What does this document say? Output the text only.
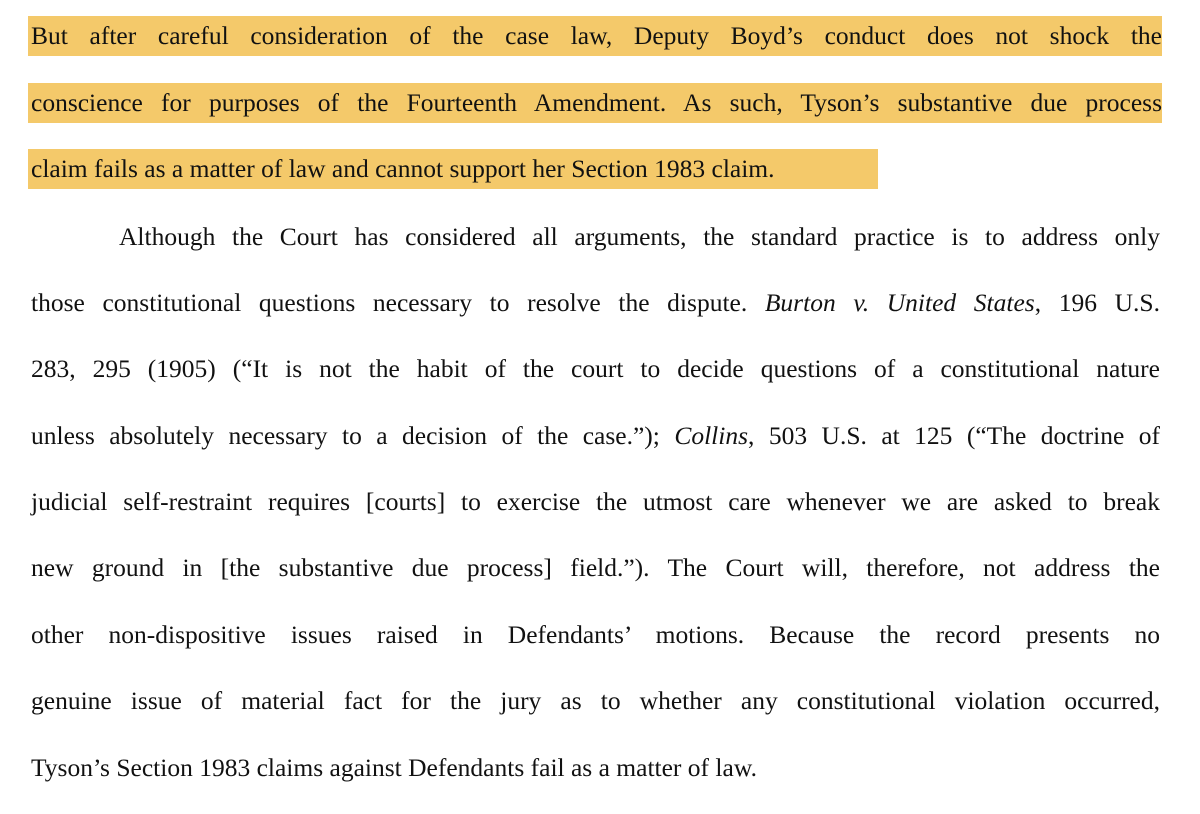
But after careful consideration of the case law, Deputy Boyd’s conduct does not shock the
conscience for purposes of the Fourteenth Amendment. As such, Tyson’s substantive due process
claim fails as a matter of law and cannot support her Section 1983 claim.
Although the Court has considered all arguments, the standard practice is to address only
those constitutional questions necessary to resolve the dispute. Burton v. United States, 196 U.S.
283, 295 (1905) (“It is not the habit of the court to decide questions of a constitutional nature
unless absolutely necessary to a decision of the case.”); Collins, 503 U.S. at 125 (“The doctrine of
judicial self-restraint requires [courts] to exercise the utmost care whenever we are asked to break
new ground in [the substantive due process] field.”). The Court will, therefore, not address the
other non-dispositive issues raised in Defendants’ motions. Because the record presents no
genuine issue of material fact for the jury as to whether any constitutional violation occurred,
Tyson’s Section 1983 claims against Defendants fail as a matter of law.
